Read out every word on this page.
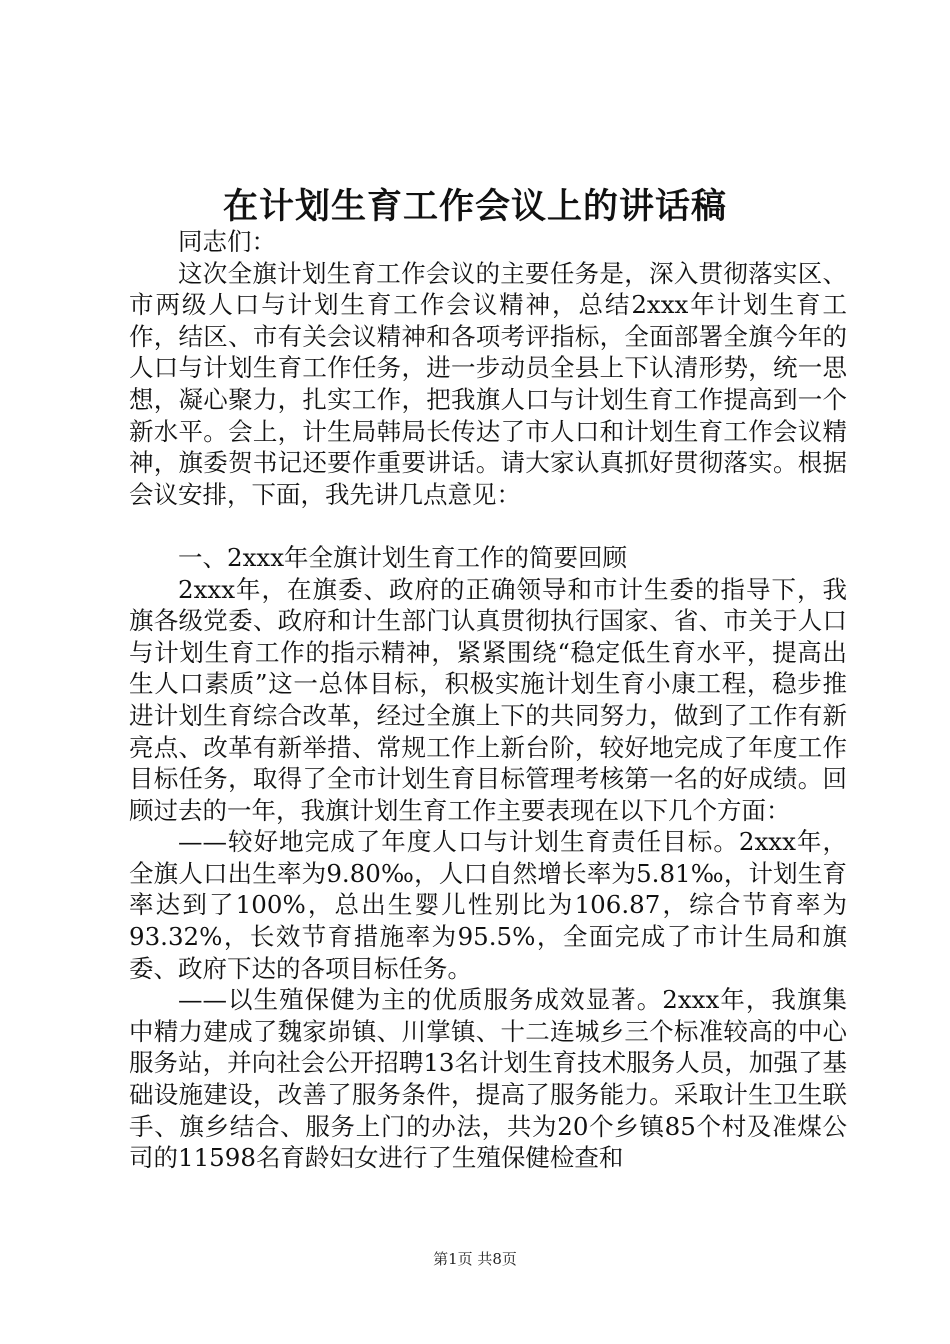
在计划生育工作会议上的讲话稿

同志们：

这次全旗计划生育工作会议的主要任务是，深入贯彻落实区、市两级人口与计划生育工作会议精神，总结2xxx年计划生育工作，结区、市有关会议精神和各项考评指标，全面部署全旗今年的人口与计划生育工作任务，进一步动员全县上下认清形势，统一思想，凝心聚力，扎实工作，把我旗人口与计划生育工作提高到一个新水平。会上，计生局韩局长传达了市人口和计划生育工作会议精神，旗委贺书记还要作重要讲话。请大家认真抓好贯彻落实。根据会议安排，下面，我先讲几点意见：

一、2xxx年全旗计划生育工作的简要回顾

2xxx年，在旗委、政府的正确领导和市计生委的指导下，我旗各级党委、政府和计生部门认真贯彻执行国家、省、市关于人口与计划生育工作的指示精神，紧紧围绕“稳定低生育水平，提高出生人口素质”这一总体目标，积极实施计划生育小康工程，稳步推进计划生育综合改革，经过全旗上下的共同努力，做到了工作有新亮点、改革有新举措、常规工作上新台阶，较好地完成了年度工作目标任务，取得了全市计划生育目标管理考核第一名的好成绩。回顾过去的一年，我旗计划生育工作主要表现在以下几个方面：

——较好地完成了年度人口与计划生育责任目标。2xxx年，全旗人口出生率为9.80‰，人口自然增长率为5.81‰，计划生育率达到了100%，总出生婴儿性别比为106.87，综合节育率为93.32%，长效节育措施率为95.5%，全面完成了市计生局和旗委、政府下达的各项目标任务。

——以生殖保健为主的优质服务成效显著。2xxx年，我旗集中精力建成了魏家峁镇、川掌镇、十二连城乡三个标准较高的中心服务站，并向社会公开招聘13名计划生育技术服务人员，加强了基础设施建设，改善了服务条件，提高了服务能力。采取计生卫生联手、旗乡结合、服务上门的办法，共为20个乡镇85个村及准煤公司的11598名育龄妇女进行了生殖保健检查和

第1页 共8页
